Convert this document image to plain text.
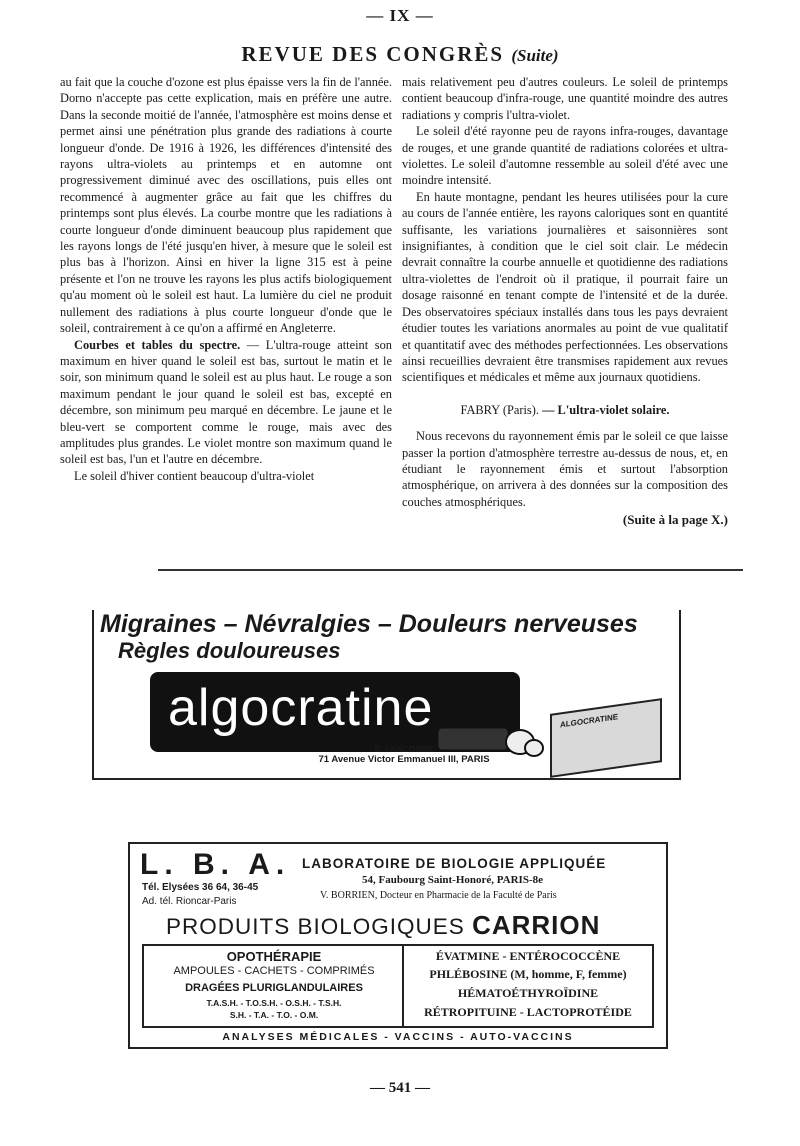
— IX —
REVUE DES CONGRÈS (Suite)

au fait que la couche d'ozone est plus épaisse vers la fin de l'année. Dorno n'accepte pas cette explication, mais en préfère une autre. Dans la seconde moitié de l'année, l'atmosphère est moins dense et permet ainsi une pénétration plus grande des radiations à courte longueur d'onde. De 1916 à 1926, les différences d'intensité des rayons ultra-violets au printemps et en automne ont progressivement diminué avec des oscillations, puis elles ont recommencé à augmenter grâce au fait que les chiffres du printemps sont plus élevés. La courbe montre que les radiations à courte longueur d'onde diminuent beaucoup plus rapidement que les rayons longs de l'été jusqu'en hiver, à mesure que le soleil est plus bas à l'horizon. Ainsi en hiver la ligne 315 est à peine présente et l'on ne trouve les rayons les plus actifs biologiquement qu'au moment où le soleil est haut. La lumière du ciel ne produit nullement des radiations à plus courte longueur d'onde que le soleil, contrairement à ce qu'on a affirmé en Angleterre.

Courbes et tables du spectre. — L'ultra-rouge atteint son maximum en hiver quand le soleil est bas, surtout le matin et le soir, son minimum quand le soleil est au plus haut. Le rouge a son maximum pendant le jour quand le soleil est bas, excepté en décembre, son minimum peu marqué en décembre. Le jaune et le bleu-vert se comportent comme le rouge, mais avec des amplitudes plus grandes. Le violet montre son maximum quand le soleil est bas, l'un et l'autre en décembre.

Le soleil d'hiver contient beaucoup d'ultra-violet

mais relativement peu d'autres couleurs. Le soleil de printemps contient beaucoup d'infra-rouge, une quantité moindre des autres radiations y compris l'ultra-violet.

Le soleil d'été rayonne peu de rayons infra-rouges, davantage de rouges, et une grande quantité de radiations colorées et ultra-violettes. Le soleil d'automne ressemble au soleil d'été avec une moindre intensité.

En haute montagne, pendant les heures utilisées pour la cure au cours de l'année entière, les rayons caloriques sont en quantité suffisante, les variations journalières et saisonnières sont insignifiantes, à condition que le ciel soit clair. Le médecin devrait connaître la courbe annuelle et quotidienne des radiations ultra-violettes de l'endroit où il pratique, il pourrait faire un dosage raisonné en tenant compte de l'intensité et de la durée. Des observatoires spéciaux installés dans tous les pays devraient étudier toutes les variations anormales au point de vue qualitatif et quantitatif avec des méthodes perfectionnées. Les observations ainsi recueillies devraient être transmises rapidement aux revues scientifiques et médicales et même aux journaux quotidiens.

FABRY (Paris). — L'ultra-violet solaire.

Nous recevons du rayonnement émis par le soleil ce que laisse passer la portion d'atmosphère terrestre au-dessus de nous, et, en étudiant le rayonnement émis et surtout l'absorption atmosphérique, on arrivera à des données sur la composition des couches atmosphériques.

(Suite à la page X.)
Migraines – Névralgies – Douleurs nerveuses
Règles douloureuses
algocratine	ALGOCRATINE
E. LANCOSME
71 Avenue Victor Emmanuel III, PARIS
L. B. A.
Tél. Elysées 36 64, 36-45
Ad. tél. Rioncar-Paris
LABORATOIRE DE BIOLOGIE APPLIQUÉE
54, Faubourg Saint-Honoré, PARIS-8e
V. BORRIEN, Docteur en Pharmacie de la Faculté de Paris
PRODUITS BIOLOGIQUES CARRION
OPOTHÉRAPIE
AMPOULES - CACHETS - COMPRIMÉS
DRAGÉES PLURIGLANDULAIRES
T.A.S.H. - T.O.S.H. - O.S.H. - T.S.H.
S.H. - T.A. - T.O. - O.M.
ÉVATMINE - ENTÉROCOCCÈNE
PHLÉBOSINE (M, homme, F, femme)
HÉMATOÉTHYROÏDINE
RÉTROPITUINE - LACTOPROTÉIDE
ANALYSES MÉDICALES - VACCINS - AUTO-VACCINS
— 541 —
